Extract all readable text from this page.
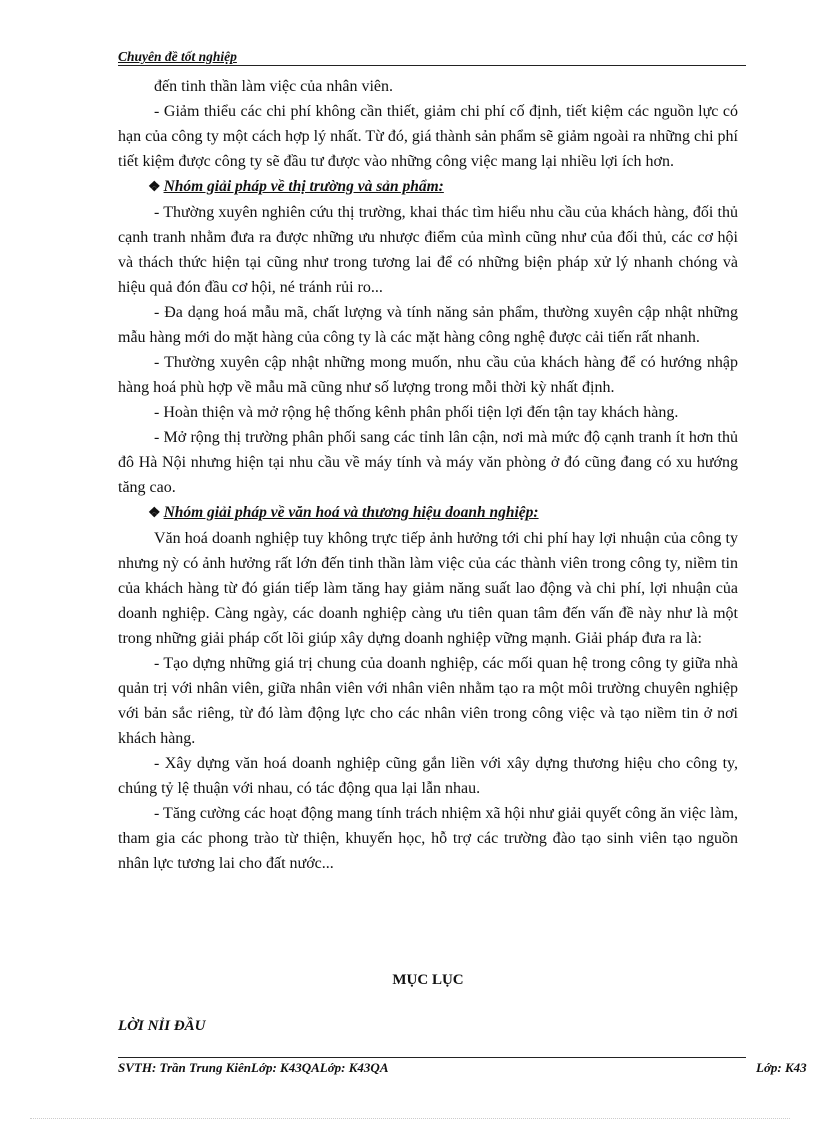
Chuyên đề tốt nghiệp

đến tinh thần làm việc của nhân viên.

- Giảm thiểu các chi phí không cần thiết, giảm chi phí cố định, tiết kiệm các nguồn lực có hạn của công ty một cách hợp lý nhất. Từ đó, giá thành sản phẩm sẽ giảm ngoài ra những chi phí tiết kiệm được công ty sẽ đầu tư được vào những công việc mang lại nhiều lợi ích hơn.

❖ Nhóm giải pháp về thị trường và sản phẩm:

- Thường xuyên nghiên cứu thị trường, khai thác tìm hiểu nhu cầu của khách hàng, đối thủ cạnh tranh nhằm đưa ra được những ưu nhược điểm của mình cũng như của đối thủ, các cơ hội và thách thức hiện tại cũng như trong tương lai để có những biện pháp xử lý nhanh chóng và hiệu quả đón đầu cơ hội, né tránh rủi ro...

- Đa dạng hoá mẫu mã, chất lượng và tính năng sản phẩm, thường xuyên cập nhật những mẫu hàng mới do mặt hàng của công ty là các mặt hàng công nghệ được cải tiến rất nhanh.

- Thường xuyên cập nhật những mong muốn, nhu cầu của khách hàng để có hướng nhập hàng hoá phù hợp về mẫu mã cũng như số lượng trong mỗi thời kỳ nhất định.

- Hoàn thiện và mở rộng hệ thống kênh phân phối tiện lợi đến tận tay khách hàng.

- Mở rộng thị trường phân phối sang các tỉnh lân cận, nơi mà mức độ cạnh tranh ít hơn thủ đô Hà Nội nhưng hiện tại nhu cầu về máy tính và máy văn phòng ở đó cũng đang có xu hướng tăng cao.

❖ Nhóm giải pháp về văn hoá và thương hiệu doanh nghiệp:

Văn hoá doanh nghiệp tuy không trực tiếp ảnh hưởng tới chi phí hay lợi nhuận của công ty nhưng nỳ có ảnh hưởng rất lớn đến tinh thần làm việc của các thành viên trong công ty, niềm tin của khách hàng từ đó gián tiếp làm tăng hay giảm năng suất lao động và chi phí, lợi nhuận của doanh nghiệp. Càng ngày, các doanh nghiệp càng ưu tiên quan tâm đến vấn đề này như là một trong những giải pháp cốt lõi giúp xây dựng doanh nghiệp vững mạnh. Giải pháp đưa ra là:

- Tạo dựng những giá trị chung của doanh nghiệp, các mối quan hệ trong công ty giữa nhà quản trị với nhân viên, giữa nhân viên với nhân viên nhằm tạo ra một môi trường chuyên nghiệp với bản sắc riêng, từ đó làm động lực cho các nhân viên trong công việc và tạo niềm tin ở nơi khách hàng.

- Xây dựng văn hoá doanh nghiệp cũng gắn liền với xây dựng thương hiệu cho công ty, chúng tỷ lệ thuận với nhau, có tác động qua lại lẫn nhau.

- Tăng cường các hoạt động mang tính trách nhiệm xã hội như giải quyết công ăn việc làm, tham gia các phong trào từ thiện, khuyến học, hỗ trợ các trường đào tạo sinh viên tạo nguồn nhân lực tương lai cho đất nước...

MỤC LỤC
LỜI NỈI ĐẦU
SVTH: Trần Trung KiênLớp: K43QALớp: K43QA	Lớp: K43
